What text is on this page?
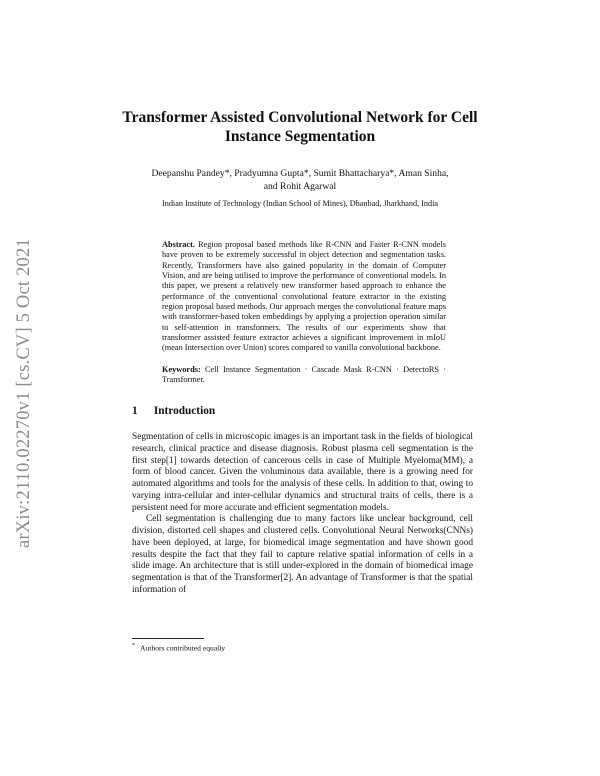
arXiv:2110.02270v1 [cs.CV] 5 Oct 2021
Transformer Assisted Convolutional Network for Cell Instance Segmentation
Deepanshu Pandey*, Pradyumna Gupta*, Sumit Bhattacharya*, Aman Sinha,
and Rohit Agarwal
Indian Institute of Technology (Indian School of Mines), Dhanbad, Jharkhand, India
Abstract. Region proposal based methods like R-CNN and Faster R-CNN models have proven to be extremely successful in object detection and segmentation tasks. Recently, Transformers have also gained popularity in the domain of Computer Vision, and are being utilised to improve the performance of conventional models. In this paper, we present a relatively new transformer based approach to enhance the performance of the conventional convolutional feature extractor in the existing region proposal based methods. Our approach merges the convolutional feature maps with transformer-based token embeddings by applying a projection operation similar to self-attention in transformers. The results of our experiments show that transformer assisted feature extractor achieves a significant improvement in mIoU (mean Intersection over Union) scores compared to vanilla convolutional backbone.
Keywords: Cell Instance Segmentation · Cascade Mask R-CNN · DetectoRS · Transformer.
1 Introduction

Segmentation of cells in microscopic images is an important task in the fields of biological research, clinical practice and disease diagnosis. Robust plasma cell segmentation is the first step[1] towards detection of cancerous cells in case of Multiple Myeloma(MM), a form of blood cancer. Given the voluminous data available, there is a growing need for automated algorithms and tools for the analysis of these cells. In addition to that, owing to varying intra-cellular and inter-cellular dynamics and structural traits of cells, there is a persistent need for more accurate and efficient segmentation models.

Cell segmentation is challenging due to many factors like unclear background, cell division, distorted cell shapes and clustered cells. Convolutional Neural Networks(CNNs) have been deployed, at large, for biomedical image segmentation and have shown good results despite the fact that they fail to capture relative spatial information of cells in a slide image. An architecture that is still under-explored in the domain of biomedical image segmentation is that of the Transformer[2]. An advantage of Transformer is that the spatial information of

* Authors contributed equally
